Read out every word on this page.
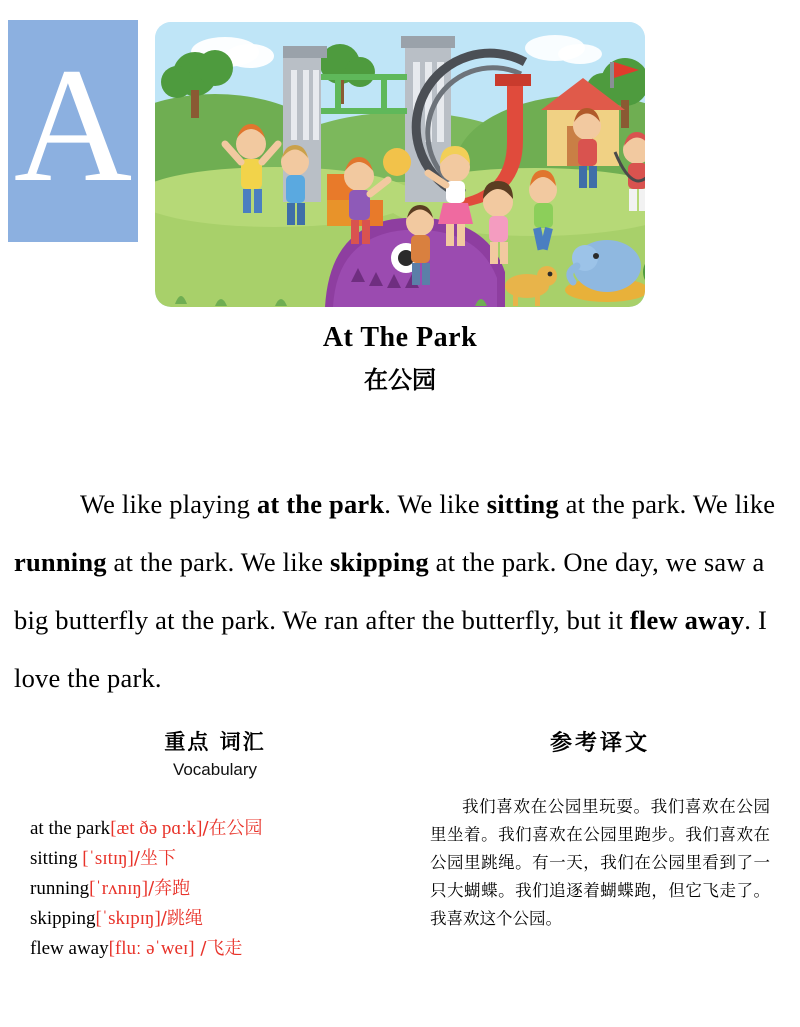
A
At The Park
在公园

We like playing at the park. We like sitting at the park. We like running at the park. We like skipping at the park. One day, we saw a big butterfly at the park. We ran after the butterfly, but it flew away. I love the park.

重点 词汇
Vocabulary
at the park[æt ðə pɑːk]/在公园
sitting [ˈsɪtɪŋ]/坐下
running[ˈrʌnɪŋ]/奔跑
skipping[ˈskɪpɪŋ]/跳绳
flew away[fluː əˈweɪ] /飞走
参考译文
我们喜欢在公园里玩耍。我们喜欢在公园里坐着。我们喜欢在公园里跑步。我们喜欢在公园里跳绳。有一天，我们在公园里看到了一只大蝴蝶。我们追逐着蝴蝶跑，但它飞走了。我喜欢这个公园。
